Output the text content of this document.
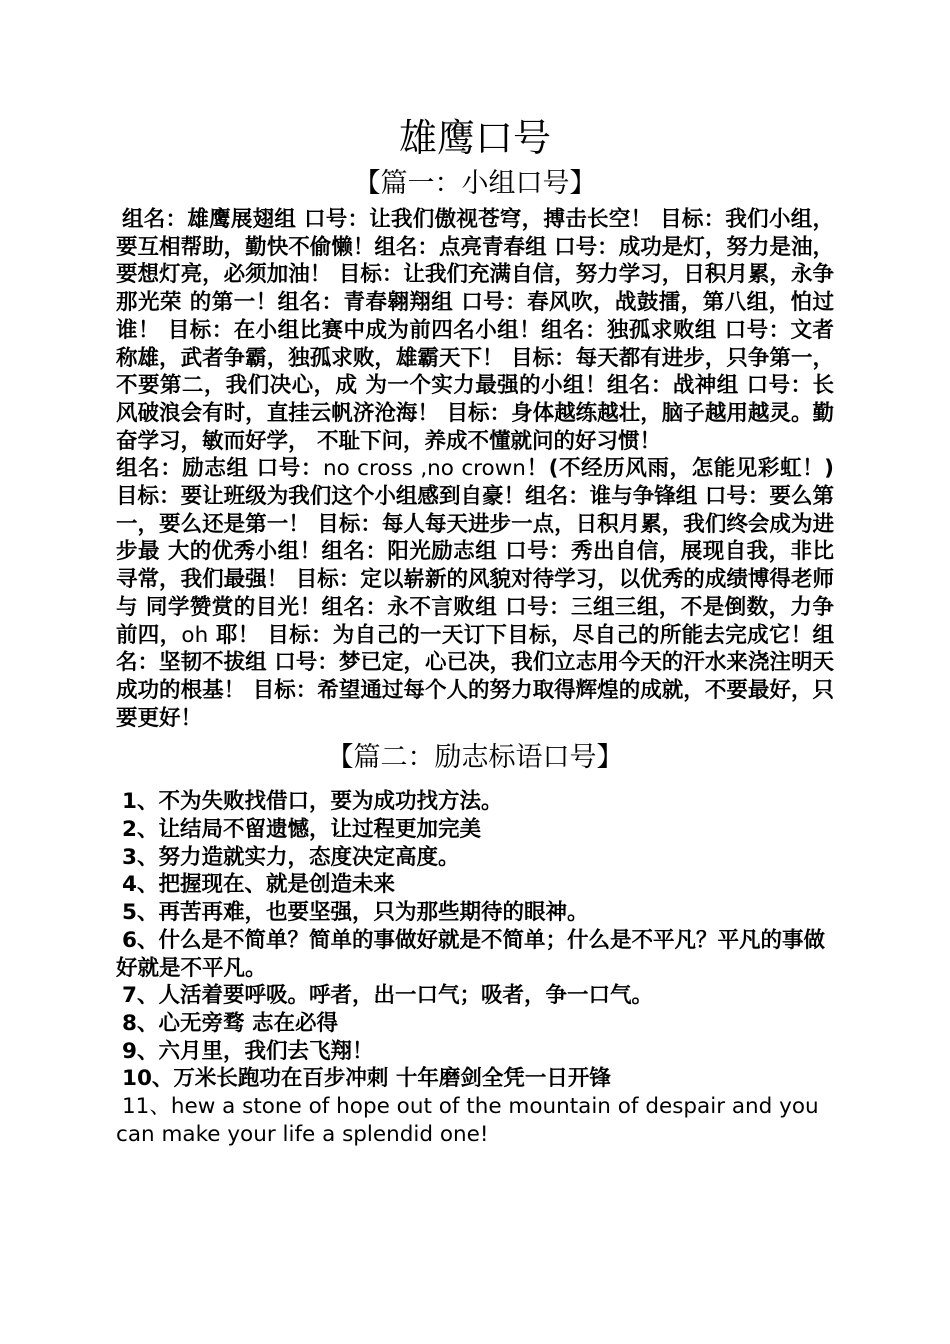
雄鹰口号
【篇一：小组口号】

组名：雄鹰展翅组 口号：让我们傲视苍穹，搏击长空！ 目标：我们小组，要互相帮助，勤快不偷懒！组名：点亮青春组 口号：成功是灯，努力是油，要想灯亮，必须加油！ 目标：让我们充满自信，努力学习，日积月累，永争那光荣 的第一！组名：青春翱翔组 口号：春风吹，战鼓擂，第八组，怕过谁！ 目标：在小组比赛中成为前四名小组！组名：独孤求败组 口号：文者称雄，武者争霸，独孤求败，雄霸天下！ 目标：每天都有进步，只争第一，不要第二，我们决心，成 为一个实力最强的小组！组名：战神组 口号：长风破浪会有时，直挂云帆济沧海！ 目标：身体越练越壮，脑子越用越灵。勤奋学习，敏而好学， 不耻下问，养成不懂就问的好习惯！

组名：励志组 口号：no cross ,no crown！(不经历风雨，怎能见彩虹！) 目标：要让班级为我们这个小组感到自豪！组名：谁与争锋组 口号：要么第一，要么还是第一！ 目标：每人每天进步一点，日积月累，我们终会成为进步最 大的优秀小组！组名：阳光励志组 口号：秀出自信，展现自我，非比寻常，我们最强！ 目标：定以崭新的风貌对待学习，以优秀的成绩博得老师与 同学赞赏的目光！组名：永不言败组 口号：三组三组，不是倒数，力争前四，oh 耶！ 目标：为自己的一天订下目标，尽自己的所能去完成它！组名：坚韧不拔组 口号：梦已定，心已决，我们立志用今天的汗水来浇注明天 成功的根基！ 目标：希望通过每个人的努力取得辉煌的成就，不要最好，只要更好！

【篇二：励志标语口号】
1、不为失败找借口，要为成功找方法。
2、让结局不留遗憾，让过程更加完美
3、努力造就实力，态度决定高度。
4、把握现在、就是创造未来
5、再苦再难，也要坚强，只为那些期待的眼神。
6、什么是不简单？简单的事做好就是不简单；什么是不平凡？平凡的事做好就是不平凡。
7、人活着要呼吸。呼者，出一口气；吸者，争一口气。
8、心无旁骛 志在必得
9、六月里，我们去飞翔！
10、万米长跑功在百步冲刺 十年磨剑全凭一日开锋
11、hew a stone of hope out of the mountain of despair and you can make your life a splendid one!
